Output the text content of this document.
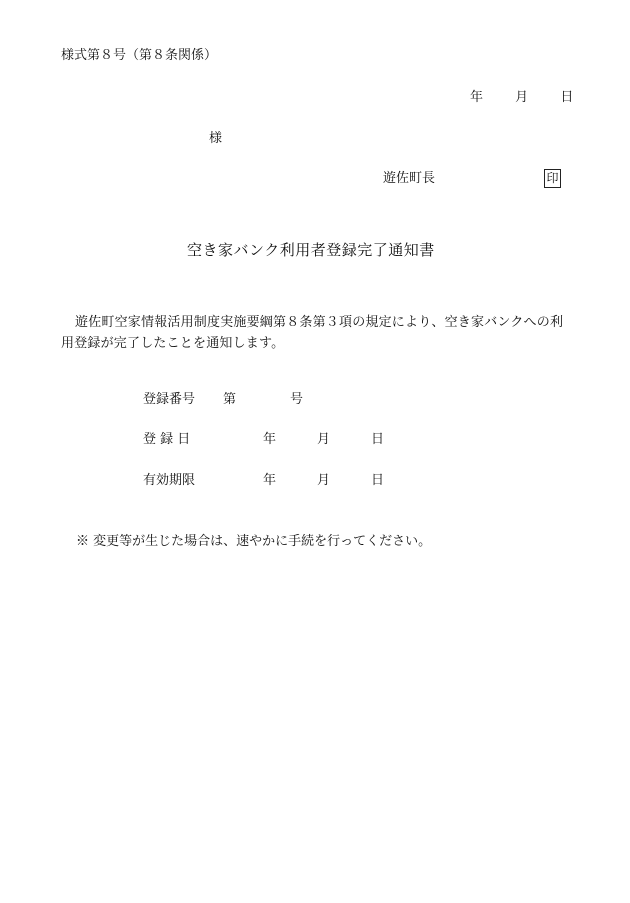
様式第８号（第８条関係）
年 月 日
様
遊佐町長	印
空き家バンク利用者登録完了通知書
遊佐町空家情報活用制度実施要綱第８条第３項の規定により、空き家バンクへの利用登録が完了したことを通知します。
登録番号 第	号
登 録 日	年	月	日
有効期限	年	月	日
※ 変更等が生じた場合は、速やかに手続を行ってください。
